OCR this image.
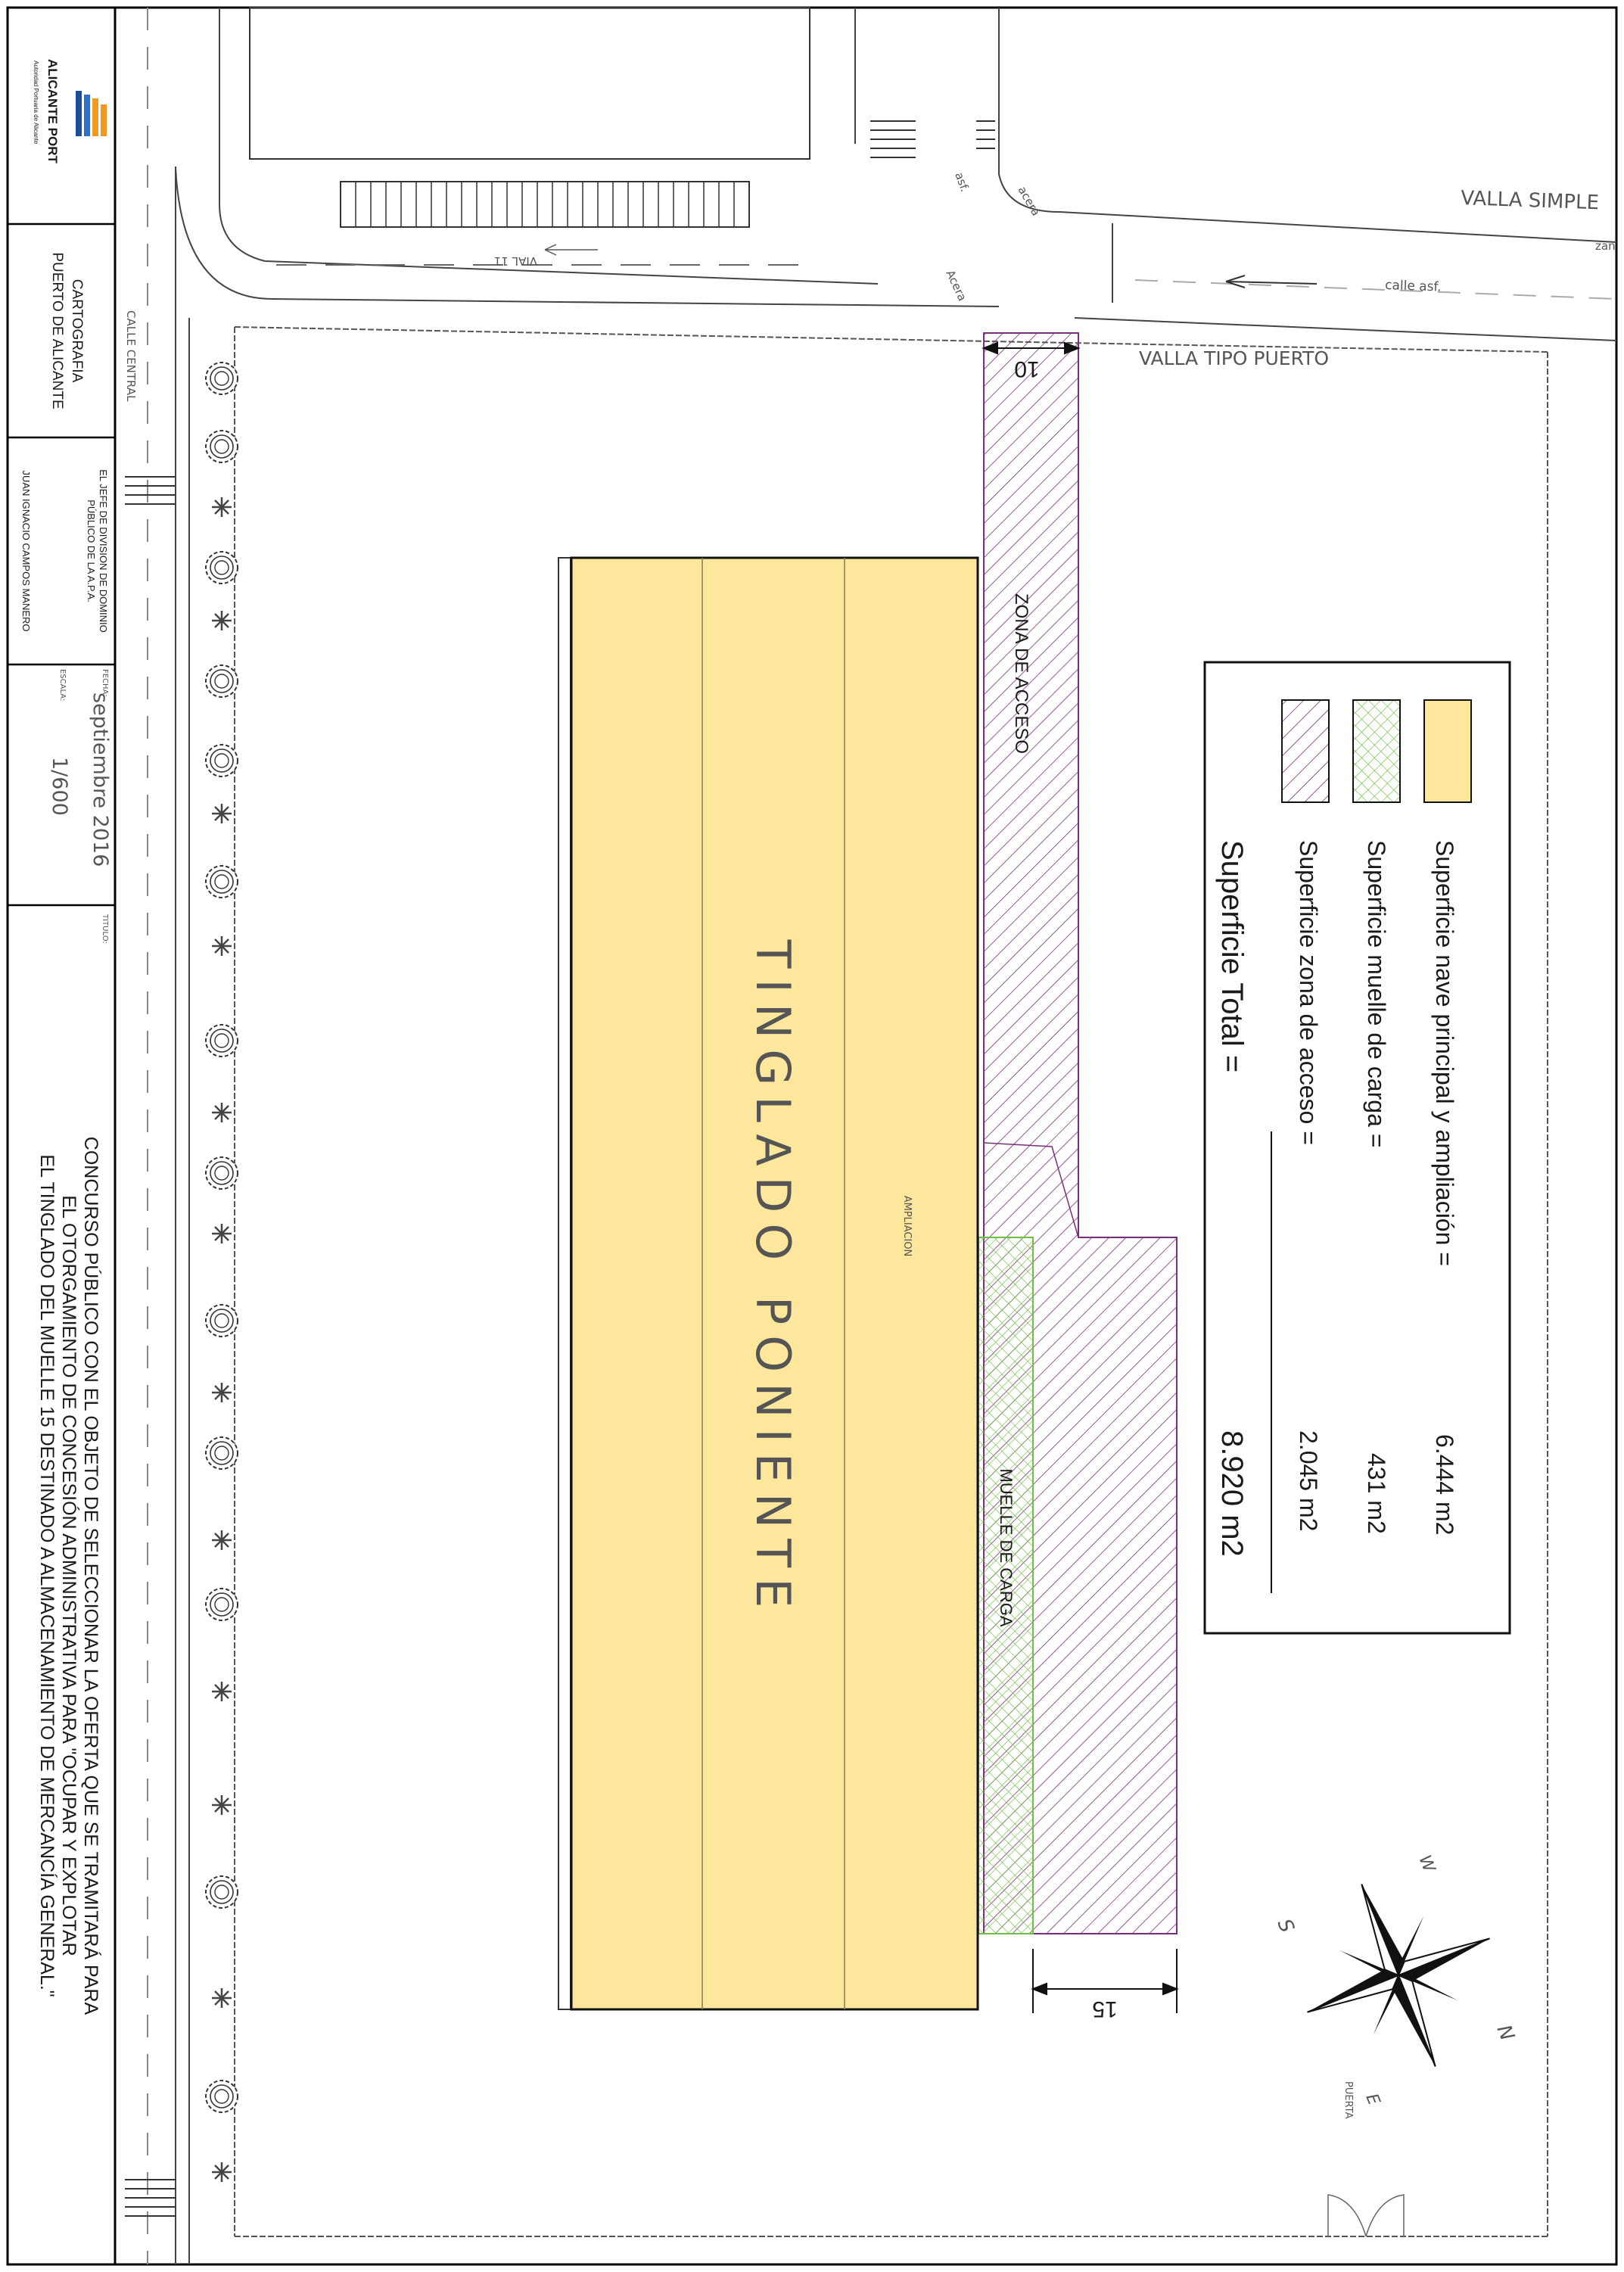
ALICANTE PORT
Autoridad Portuaria de Alicante
CARTOGRAFIA
PUERTO DE ALICANTE
EL JEFE DE DIVISION DE DOMINIO
PÚBLICO DE LA A.P.A.
JUAN IGNACIO CAMPOS MANERO
FECHA:
septiembre 2016
ESCALA:
1/600
TITULO:
CONCURSO PÚBLICO CON EL OBJETO DE SELECCIONAR LA OFERTA QUE SE TRAMITARÁ PARA
EL OTORGAMIENTO DE CONCESIÓN ADMINISTRATIVA PARA "OCUPAR Y EXPLOTAR
EL TINGLADO DEL MUELLE 15 DESTINADO A ALMACENAMIENTO DE MERCANCÍA GENERAL."	TINGLADO PONIENTE	AMPLIACION
ZONA DE ACCESO
MUELLE DE CARGA
CALLE CENTRAL
VIAL 11
VALLA SIMPLE
VALLA TIPO PUERTO
calle asf.
zan
asf.
acera
Acera
PUERTA
10
15
N
S
E
W
Superficie nave principal y ampliación =
6.444 m2
Superficie muelle de carga =
431 m2
Superficie zona de acceso =
2.045 m2
Superficie Total =
8.920 m2
